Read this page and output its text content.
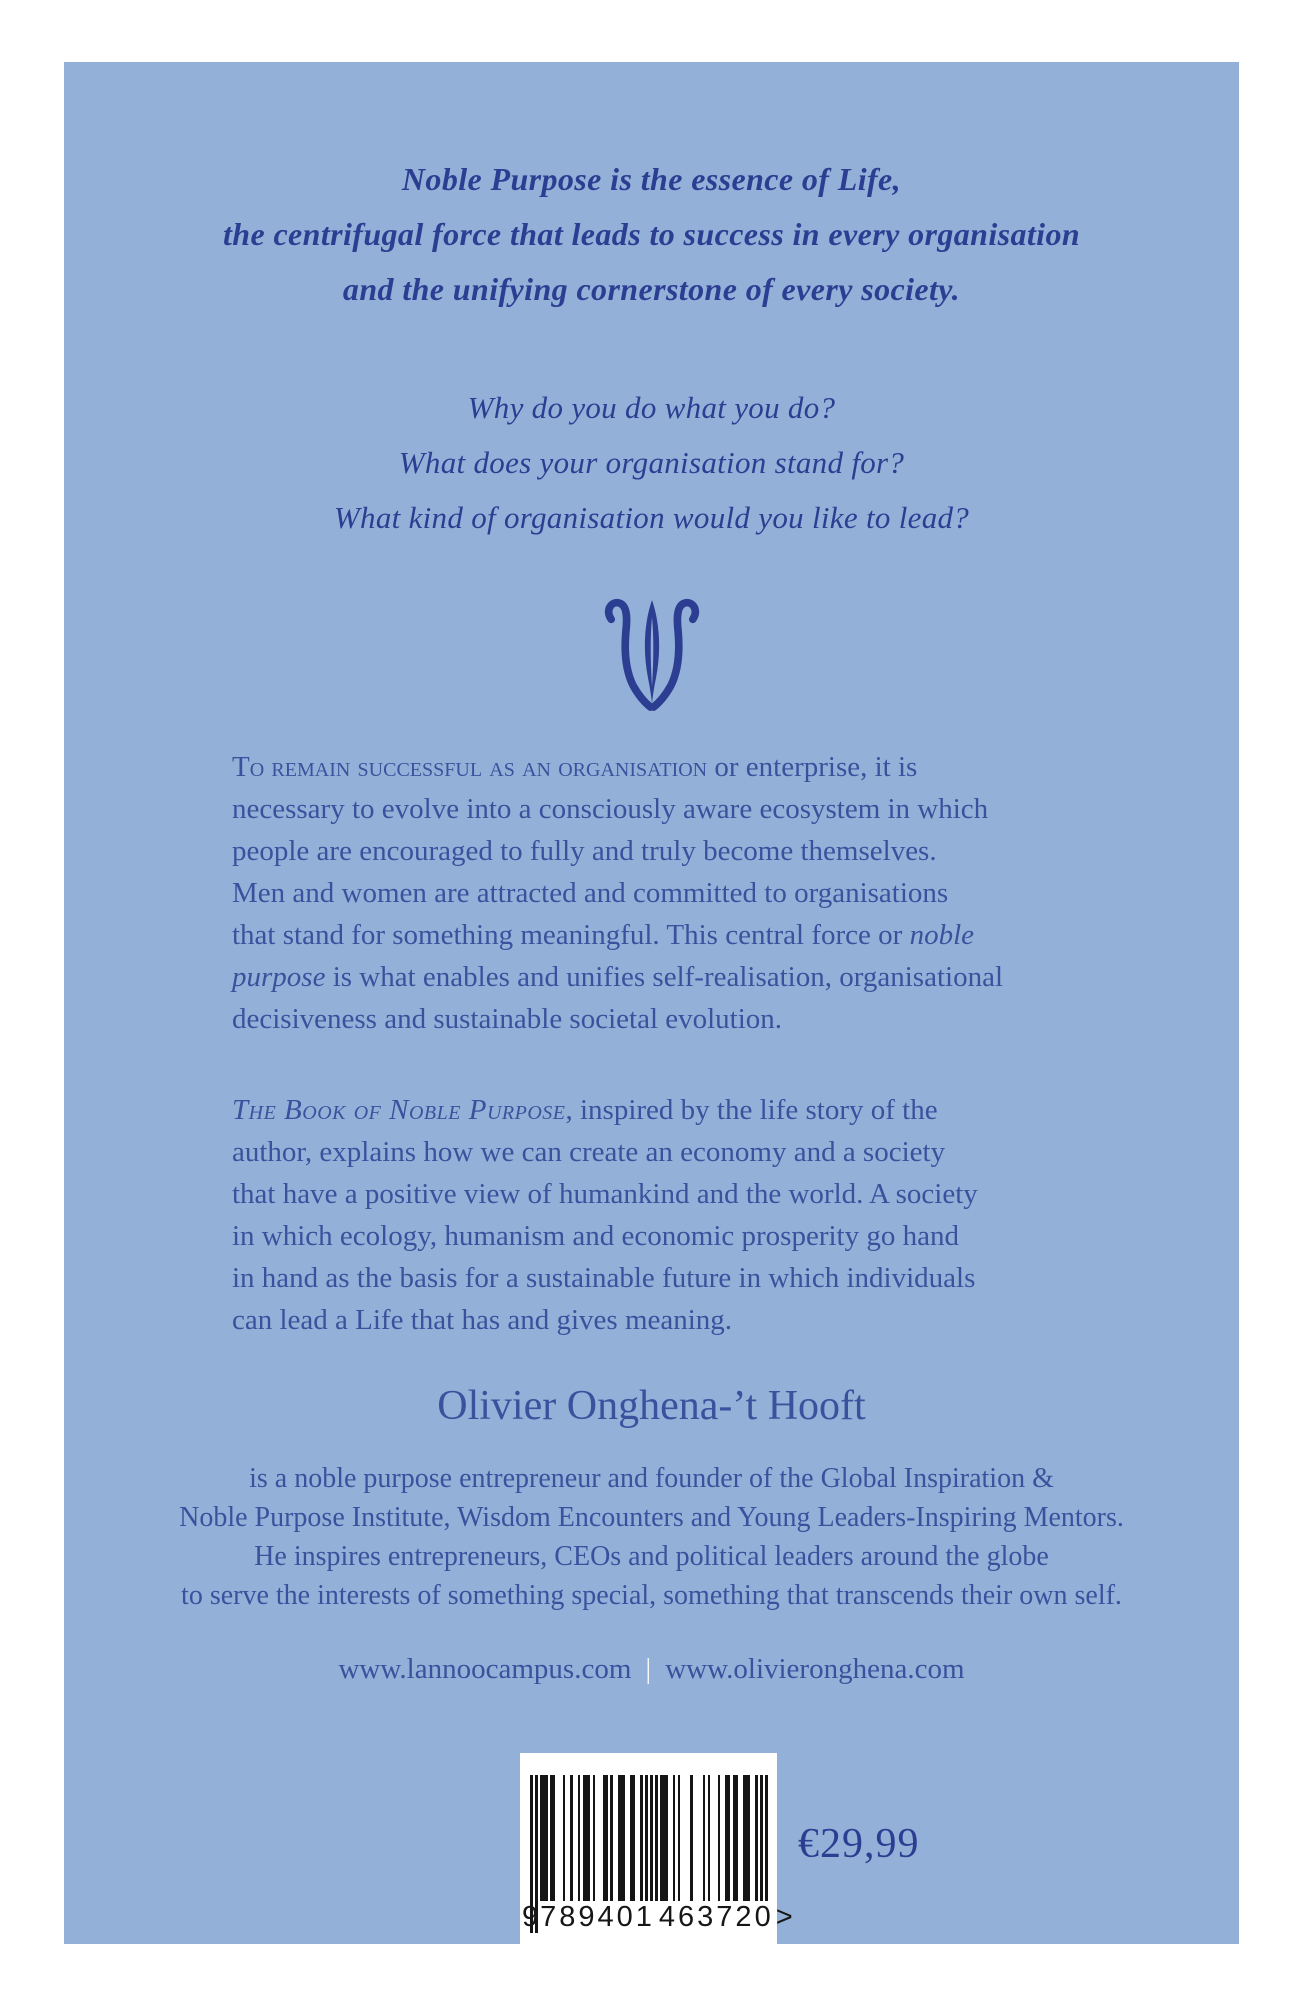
Noble Purpose is the essence of Life,
the centrifugal force that leads to success in every organisation
and the unifying cornerstone of every society.
Why do you do what you do?
What does your organisation stand for?
What kind of organisation would you like to lead?
To remain successful as an organisation or enterprise, it is
necessary to evolve into a consciously aware ecosystem in which
people are encouraged to fully and truly become themselves.
Men and women are attracted and committed to organisations
that stand for something meaningful. This central force or noble
purpose is what enables and unifies self-realisation, organisational
decisiveness and sustainable societal evolution.
The Book of Noble Purpose, inspired by the life story of the
author, explains how we can create an economy and a society
that have a positive view of humankind and the world. A society
in which ecology, humanism and economic prosperity go hand
in hand as the basis for a sustainable future in which individuals
can lead a Life that has and gives meaning.
Olivier Onghena-’t Hooft
is a noble purpose entrepreneur and founder of the Global Inspiration &
Noble Purpose Institute, Wisdom Encounters and Young Leaders-Inspiring Mentors.
He inspires entrepreneurs, CEOs and political leaders around the globe
to serve the interests of something special, something that transcends their own self.
www.lannoocampus.com | www.olivieronghena.com
9 789401 463720 >
€29,99
